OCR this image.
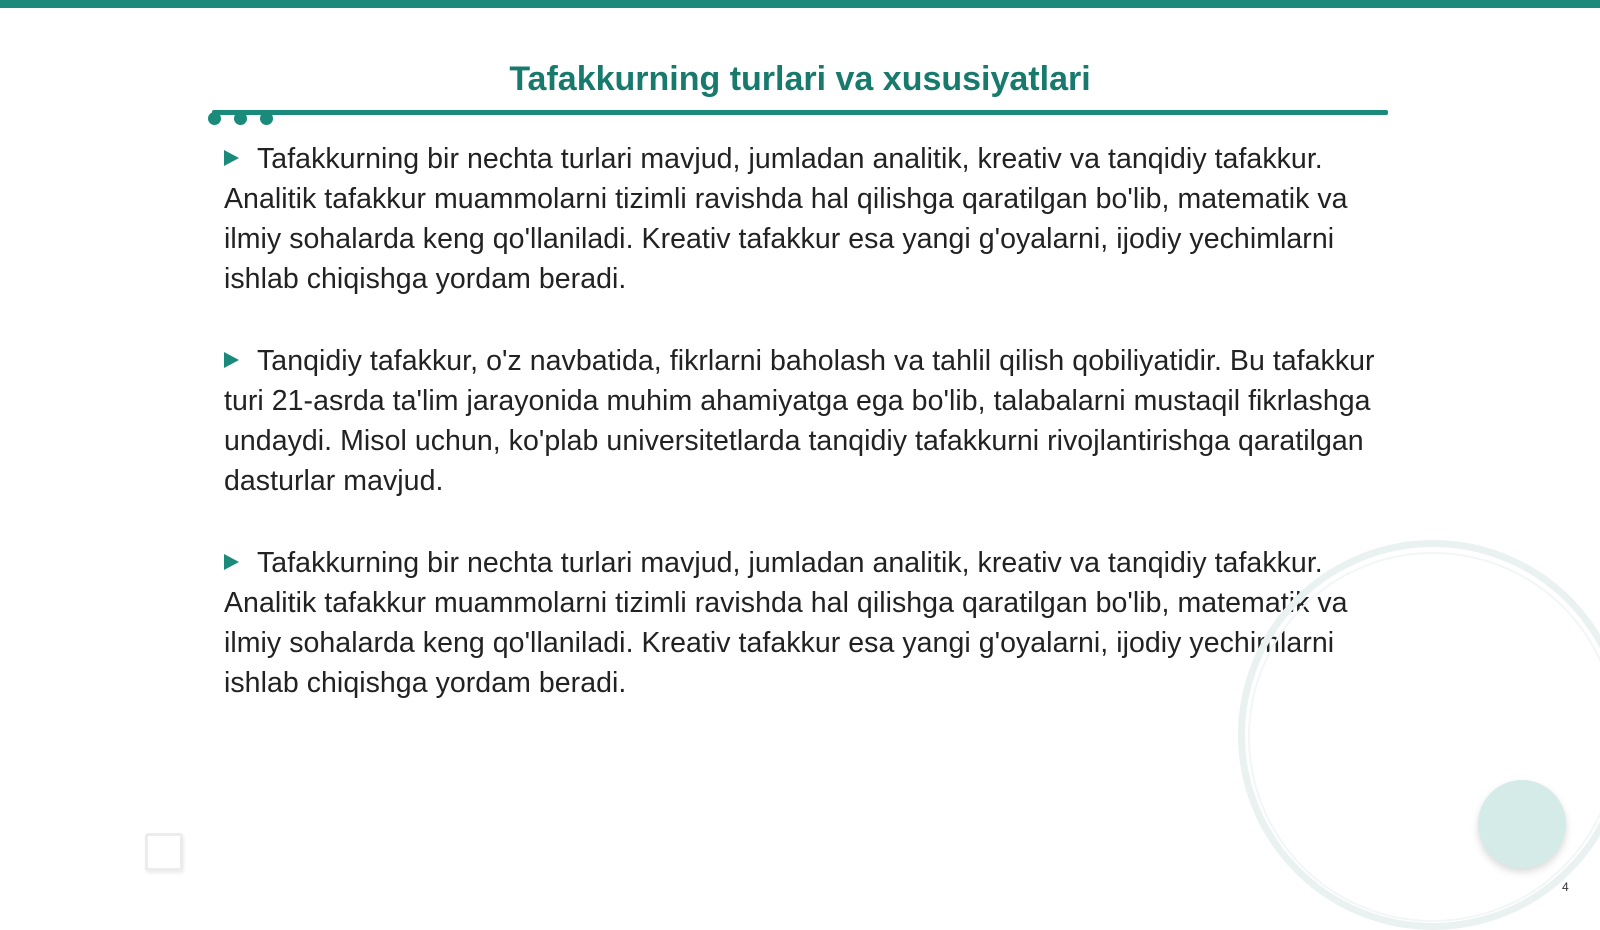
Tafakkurning turlari va xususiyatlari

Tafakkurning bir nechta turlari mavjud, jumladan analitik, kreativ va tanqidiy tafakkur. Analitik tafakkur muammolarni tizimli ravishda hal qilishga qaratilgan bo'lib, matematik va ilmiy sohalarda keng qo'llaniladi. Kreativ tafakkur esa yangi g'oyalarni, ijodiy yechimlarni ishlab chiqishga yordam beradi.

Tanqidiy tafakkur, o'z navbatida, fikrlarni baholash va tahlil qilish qobiliyatidir. Bu tafakkur turi 21-asrda ta'lim jarayonida muhim ahamiyatga ega bo'lib, talabalarni mustaqil fikrlashga undaydi. Misol uchun, ko'plab universitetlarda tanqidiy tafakkurni rivojlantirishga qaratilgan dasturlar mavjud.

Tafakkurning bir nechta turlari mavjud, jumladan analitik, kreativ va tanqidiy tafakkur. Analitik tafakkur muammolarni tizimli ravishda hal qilishga qaratilgan bo'lib, matematik va ilmiy sohalarda keng qo'llaniladi. Kreativ tafakkur esa yangi g'oyalarni, ijodiy yechimlarni ishlab chiqishga yordam beradi.

4
